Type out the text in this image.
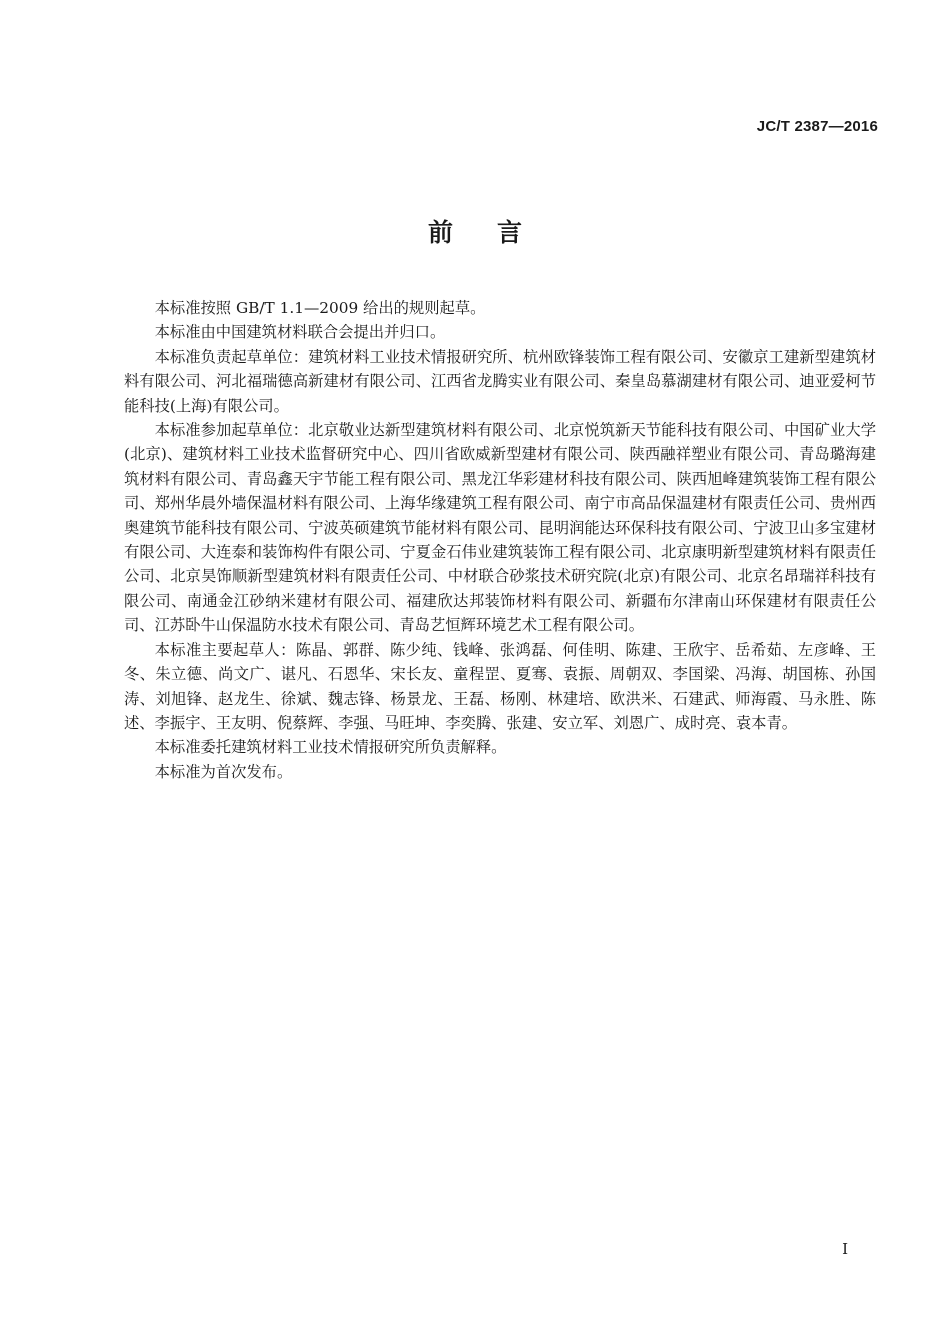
JC/T 2387—2016
前言

本标准按照 GB/T 1.1—2009 给出的规则起草。

本标准由中国建筑材料联合会提出并归口。

本标准负责起草单位：建筑材料工业技术情报研究所、杭州欧锋装饰工程有限公司、安徽京工建新型建筑材料有限公司、河北福瑞德高新建材有限公司、江西省龙腾实业有限公司、秦皇岛慕湖建材有限公司、迪亚爱柯节能科技(上海)有限公司。

本标准参加起草单位：北京敬业达新型建筑材料有限公司、北京悦筑新天节能科技有限公司、中国矿业大学(北京)、建筑材料工业技术监督研究中心、四川省欧威新型建材有限公司、陕西融祥塑业有限公司、青岛璐海建筑材料有限公司、青岛鑫天宇节能工程有限公司、黑龙江华彩建材科技有限公司、陕西旭峰建筑装饰工程有限公司、郑州华晨外墙保温材料有限公司、上海华缘建筑工程有限公司、南宁市高品保温建材有限责任公司、贵州西奥建筑节能科技有限公司、宁波英硕建筑节能材料有限公司、昆明润能达环保科技有限公司、宁波卫山多宝建材有限公司、大连泰和装饰构件有限公司、宁夏金石伟业建筑装饰工程有限公司、北京康明新型建筑材料有限责任公司、北京昊饰顺新型建筑材料有限责任公司、中材联合砂浆技术研究院(北京)有限公司、北京名昂瑞祥科技有限公司、南通金江砂纳米建材有限公司、福建欣达邦装饰材料有限公司、新疆布尔津南山环保建材有限责任公司、江苏卧牛山保温防水技术有限公司、青岛艺恒辉环境艺术工程有限公司。

本标准主要起草人：陈晶、郭群、陈少纯、钱峰、张鸿磊、何佳明、陈建、王欣宇、岳希茹、左彦峰、王冬、朱立德、尚文广、谌凡、石恩华、宋长友、童程罡、夏骞、袁振、周朝双、李国梁、冯海、胡国栋、孙国涛、刘旭锋、赵龙生、徐斌、魏志锋、杨景龙、王磊、杨刚、林建培、欧洪米、石建武、师海霞、马永胜、陈述、李振宇、王友明、倪蔡辉、李强、马旺坤、李奕腾、张建、安立军、刘恩广、成时亮、袁本青。

本标准委托建筑材料工业技术情报研究所负责解释。

本标准为首次发布。

I
